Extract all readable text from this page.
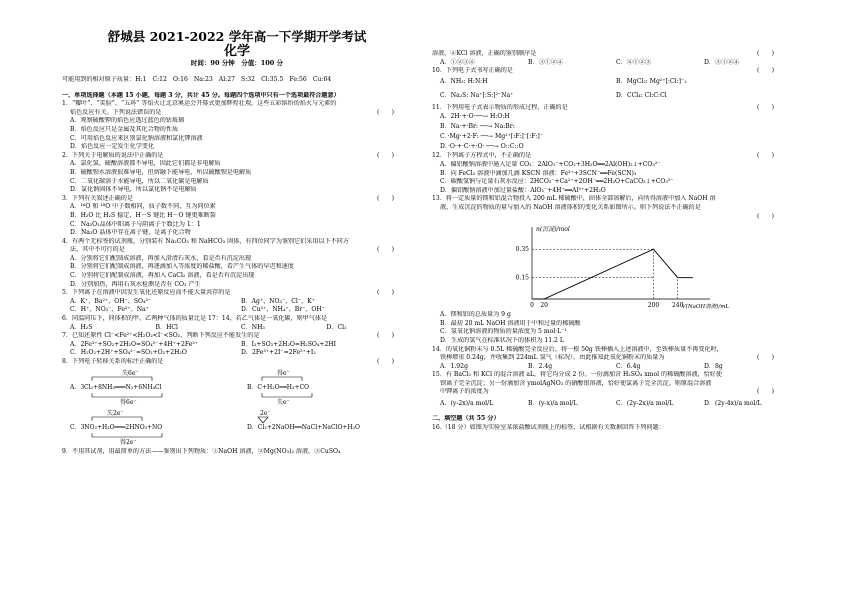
舒城县 2021-2022 学年高一下学期开学考试
化学
时间：90 分钟　分值：100 分
可能用到的相对原子质量：H:1　C:12　O:16　Na:23　Al:27　S:32　Cl:35.5　Fe:56　Cu:64
一、单项选择题（本题 15 小题，每题 3 分，共计 45 分。每题四个选项中只有一个选项最符合题意）
1．“瓣叶”、“笑脸”、“五环” 等焰火让北京奥运会开幕式更加辉煌壮观，这些五彩缤纷的焰火与元素的
焰色反应有关。下列说法错误的是	(　　)
A．观察硫酸钾的焰色应透过蓝色的钴玻璃
B．焰色反应只是金属及其化合物的性质
C．可用焰色反应来区别氯化钠溶液和氯化钾溶液
D．焰色反应一定发生化学变化
2．下列关于电解质的说法中正确的是	(　　)
A．氯化氢、硫酸溶液都不导电，因此它们都是非电解质
B．硫酸钡水溶液很难导电，但熔融下能导电，所以硫酸钡是电解质
C．二氧化碳溶于水能导电，所以二氧化碳是电解质
D．氯化钠固体不导电，所以氯化钠不是电解质
3．下列有关叙述正确的是	(　　)
A．¹⁶O 和 ¹⁸O 中子数相同，质子数不同，互为同位素
B．H₂O 比 H₂S 稳定，H－S 键比 H－O 键更难断裂
C．Na₂O₂晶体中阳离子与阴离子个数比为 1：1
D．Na₂O 晶体中存在离子键，是离子化合物
4．有两个无标签的试剂瓶，分别装有 Na₂CO₃ 和 NaHCO₃ 固体，有四位同学为鉴别它们采用以下不同方
法，其中不可行的是	(　　)
A．分别将它们配制成溶液，再加入澄清石灰水，看是否有沉淀出现
B．分别将它们配制成溶液，再逐滴加入等浓度的稀盐酸，看产生气体的早迟和速度
C．分别将它们配制成溶液，再加入 CaCl₂ 溶液，看是否有沉淀出现
D．分别加热，再用石灰水检测是否有 CO₂ 产生
5．下列离子在溶液中因发生氧化还原反应而不能大量共存的是	(　　)
A．K⁺、Ba²⁺、OH⁻、SO₄²⁻	B．Ag⁺、NO₃⁻、Cl⁻、K⁺
C．H⁺、NO₃⁻、Fe²⁺、Na⁺	D．Cu²⁺、NH₄⁺、Br⁻、OH⁻
6．同温同压下，同体积的甲、乙两种气体的质量比是 17：14，若乙气体是一氧化碳，则甲气体是
A．H₂S	B．HCl	C．NH₃	D．Cl₂
7．已知还原性 Cl⁻<Fe²⁺<H₂O₂<I⁻<SO₂，判断下列反应不能发生的是	(　　)
A．2Fe³⁺+SO₂+2H₂O=SO₄²⁻+4H⁺+2Fe²⁺	B．I₂+SO₂+2H₂O=H₂SO₄+2HI
C．H₂O₂+2H⁺+SO₄²⁻=SO₂+O₂+2H₂O	D．2Fe³⁺+2I⁻=2Fe²⁺+I₂
8．下列电子转移关系的标注正确的是	(　　)
失6e⁻
A．3Cl₂+8NH₃═══N₂+6NH₄Cl
得6e⁻
得e⁻
B．C+H₂O══H₂+CO
失e⁻
失2e⁻
C．3NO₂+H₂O═══2HNO₃+NO
得2e⁻
2e⁻
D．Cl₂+2NaOH══NaCl+NaClO+H₂O
9．不用其试剂，用最简单的方法——鉴别出下列物质：①NaOH 溶液，②Mg(NO₃)₂ 溶液，③CuSO₄
溶液，④KCl 溶液，正确的鉴别顺序是	(　　)
A．①②③④	B．③①②④	C．④①②③	D．③①②④
10．下列电子式书写正确的是	(　　)
A．NH₃: H:N:H	B．MgCl₂: Mg²⁺[:Cl:]⁻₂
C．Na₂S: Na⁺[:S:]²⁻Na⁺	D．CCl₄: Cl:C:Cl
11．下列用电子式表示物质的形成过程，正确的是	(　　)
A．2H·+·O·──→ H:O:H
B．Na·+·Br: ──→ Na:Br:
C．·Mg·+2·F: ──→ Mg²⁺[:F:]⁻[:F:]⁻
D．·O·+·C·+·O· ──→ O::C::O
12．下列离子方程式中，不正确的是	(　　)
A．偏铝酸钠溶液中通入足量 CO₂：2AlO₂⁻+CO₂+3H₂O══2Al(OH)₃↓+CO₃²⁻
B．向 FeCl₃ 溶液中滴加几滴 KSCN 溶液：Fe³⁺+3SCN⁻══Fe(SCN)₃
C．碳酸氢钠与足量石灰水反应：2HCO₃⁻+Ca²⁺+2OH⁻══2H₂O+CaCO₃↓+CO₃²⁻
D．偏铝酸钠溶液中加过量盐酸：AlO₂⁻+4H⁺══Al³⁺+2H₂O
13．将一定质量的镁和铝混合物投入 200 mL 稀硫酸中，固体全部溶解后，向所得溶液中加入 NaOH 溶
液，生成沉淀的物质的量与加入的 NaOH 溶液体积的变化关系如图所示。则下列说法不正确的是
(　　)
n(沉淀)/mol
V(NaOH溶液)/mL
0.35
0.15
0 20	200 240
A．镁和铝的总质量为 9 g
B．最初 20 mL NaOH 溶液用于中和过量的稀硫酸
C．氢氧化钠溶液的物质的量浓度为 5 mol·L⁻¹
D．生成的氢气在标准状况下的体积为 11.2 L
14．的氧化铜粉末与 0.5L 稀硫酸完全反应后，将一根 50g 铁棒插入上述溶液中，至铁棒质量不再变化时，
铁棒增重 0.24g，并收集到 224mL 氢气（标况）。由此推知此氧化铜粉末的质量为	(　　)
A．1.92g	B．2.4g	C．6.4g	D．8g
15．有 BaCl₂ 和 KCl 的混合溶液 aL，将它均分成 2 份。一份滴加含 H₂SO₄ xmol 的稀硫酸溶液，恰好使
钡离子完全沉淀；另一份滴加含 ymolAgNO₃ 的硝酸银溶液，恰好使氯离子完全沉淀。则原混合溶液
中钾离子的浓度为	(　　)
A．(y-2x)/a mol/L	B．(y-x)/a mol/L	C．(2y-2x)/a mol/L	D．(2y-4x)/a mol/L
二、填空题（共 55 分）
16.（18 分）如图为实验室某浓盐酸试剂瓶上的标签，试根据有关数据回答下列问题：
